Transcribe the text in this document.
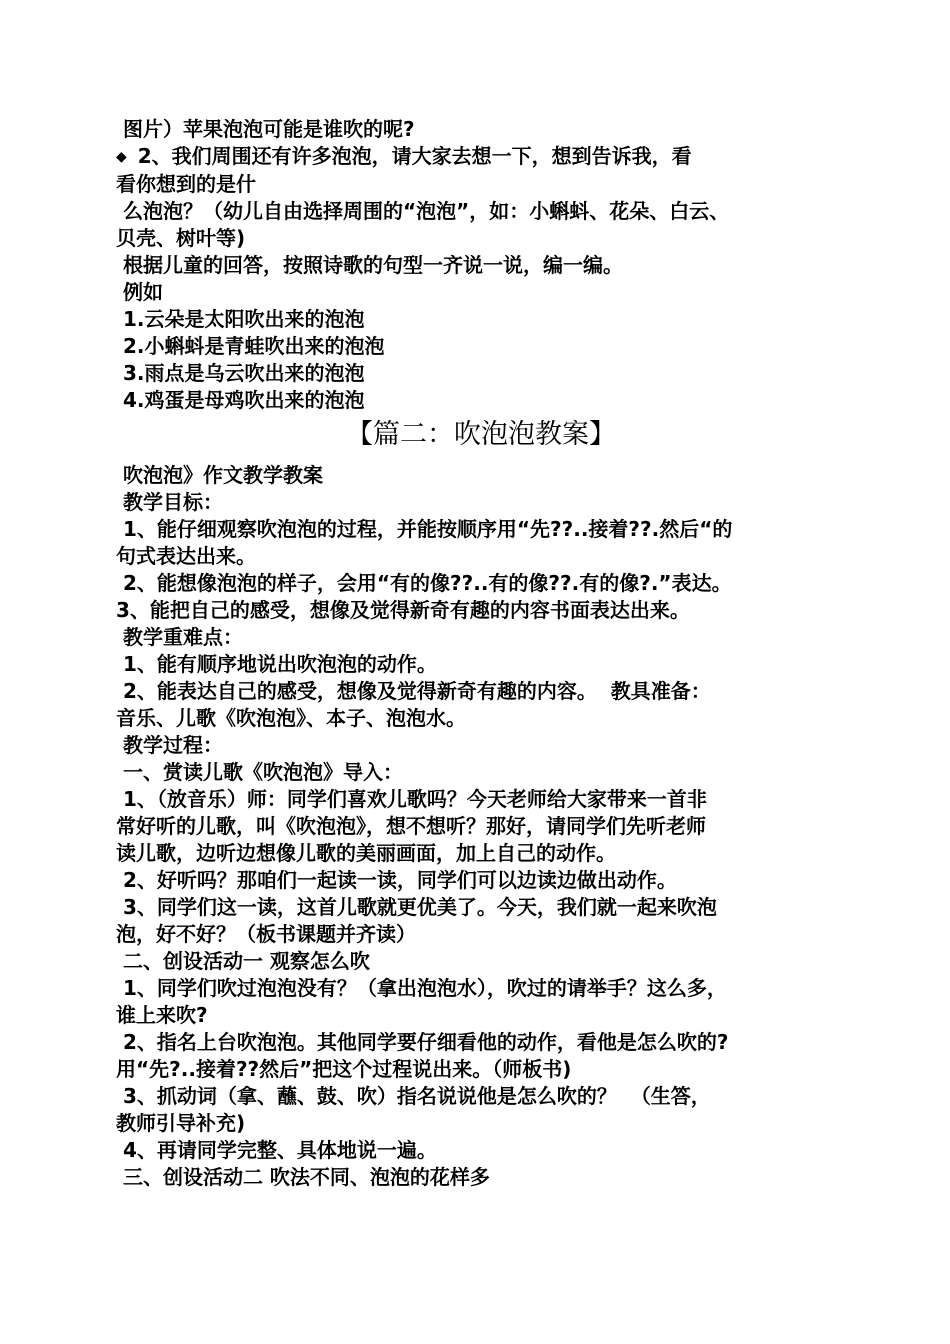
图片）苹果泡泡可能是谁吹的呢?
◆ 2、我们周围还有许多泡泡，请大家去想一下，想到告诉我，看
看你想到的是什
么泡泡？（幼儿自由选择周围的“泡泡”，如：小蝌蚪、花朵、白云、
贝壳、树叶等)
根据儿童的回答，按照诗歌的句型一齐说一说，编一编。
例如
1.云朵是太阳吹出来的泡泡
2.小蝌蚪是青蛙吹出来的泡泡
3.雨点是乌云吹出来的泡泡
4.鸡蛋是母鸡吹出来的泡泡
【篇二：吹泡泡教案】
吹泡泡》作文教学教案
教学目标：
1、能仔细观察吹泡泡的过程，并能按顺序用“先??..接着??.然后“的
句式表达出来。
2、能想像泡泡的样子，会用“有的像??..有的像??.有的像?.”表达。
3、能把自己的感受，想像及觉得新奇有趣的内容书面表达出来。
教学重难点：
1、能有顺序地说出吹泡泡的动作。
2、能表达自己的感受，想像及觉得新奇有趣的内容。  教具准备：
音乐、儿歌《吹泡泡》、本子、泡泡水。
教学过程：
一、赏读儿歌《吹泡泡》导入：
1、（放音乐）师：同学们喜欢儿歌吗？今天老师给大家带来一首非
常好听的儿歌，叫《吹泡泡》，想不想听？那好，请同学们先听老师
读儿歌，边听边想像儿歌的美丽画面，加上自己的动作。
2、好听吗？那咱们一起读一读，同学们可以边读边做出动作。
3、同学们这一读，这首儿歌就更优美了。今天，我们就一起来吹泡
泡，好不好？（板书课题并齐读）
二、创设活动一 观察怎么吹
1、同学们吹过泡泡没有？（拿出泡泡水），吹过的请举手？这么多，
谁上来吹?
2、指名上台吹泡泡。其他同学要仔细看他的动作，看他是怎么吹的?
用“先?..接着??然后”把这个过程说出来。（师板书)
3、抓动词（拿、蘸、鼓、吹）指名说说他是怎么吹的？  （生答，
教师引导补充)
4、再请同学完整、具体地说一遍。
三、创设活动二 吹法不同、泡泡的花样多
